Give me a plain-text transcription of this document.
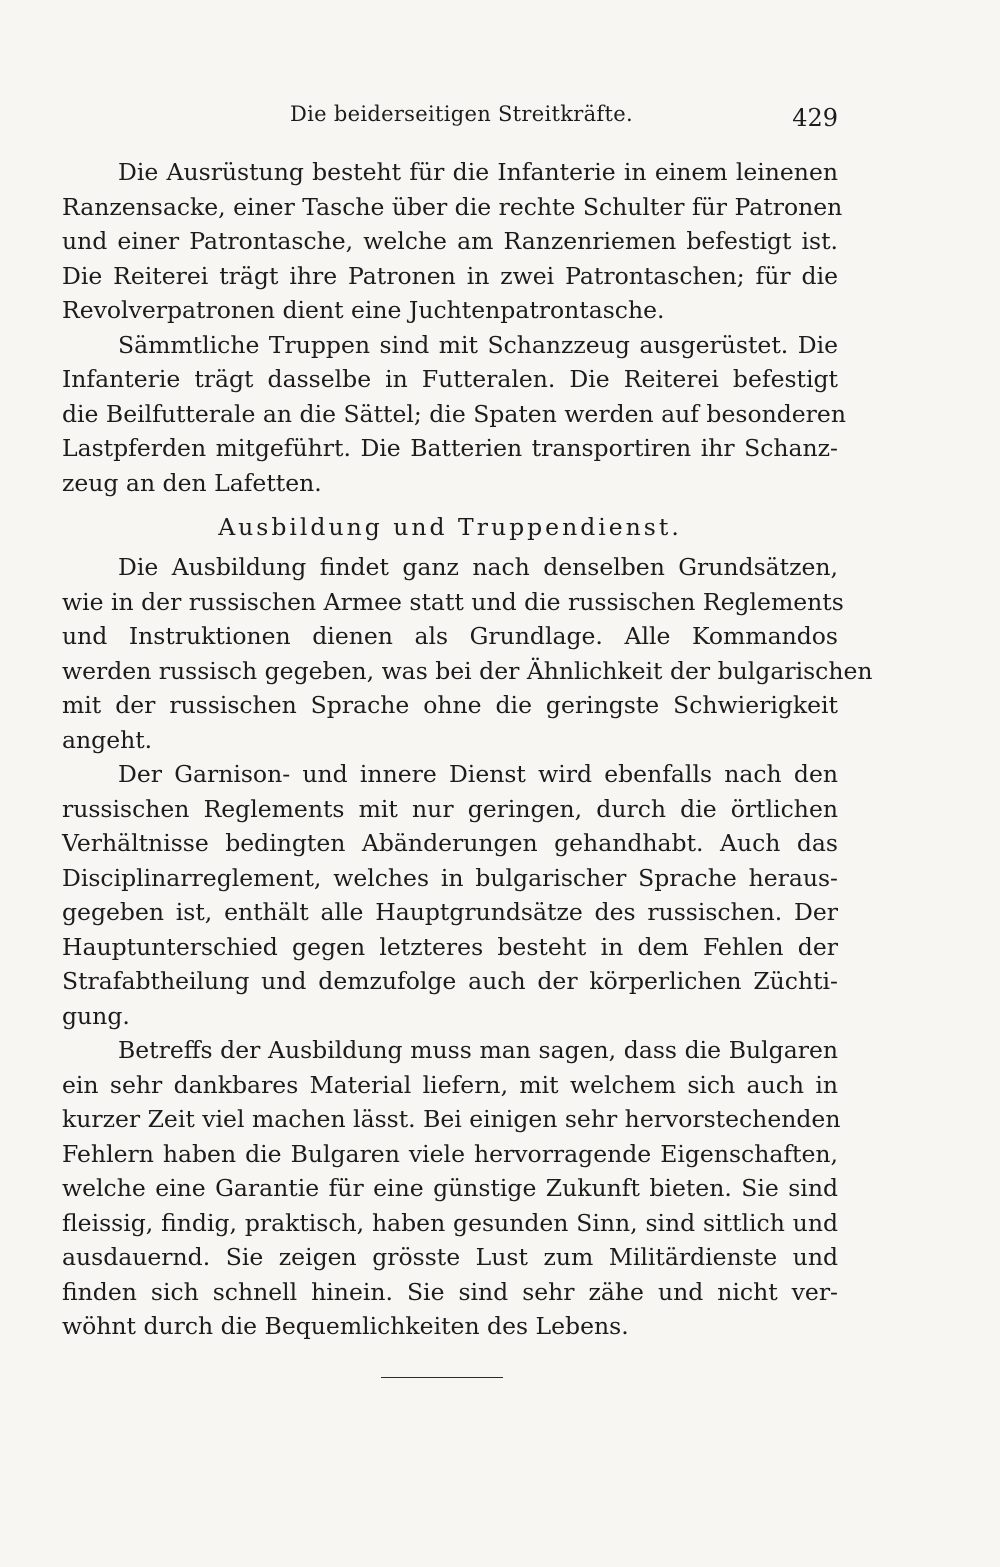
Die beiderseitigen Streitkräfte.	429
Die Ausrüstung besteht für die Infanterie in einem leinenen
Ranzensacke, einer Tasche über die rechte Schulter für Patronen
und einer Patrontasche, welche am Ranzenriemen befestigt ist.
Die Reiterei trägt ihre Patronen in zwei Patrontaschen; für die
Revolverpatronen dient eine Juchtenpatrontasche.
Sämmtliche Truppen sind mit Schanzzeug ausgerüstet. Die
Infanterie trägt dasselbe in Futteralen. Die Reiterei befestigt
die Beilfutterale an die Sättel; die Spaten werden auf besonderen
Lastpferden mitgeführt. Die Batterien transportiren ihr Schanz-
zeug an den Lafetten.
Ausbildung und Truppendienst.
Die Ausbildung findet ganz nach denselben Grundsätzen,
wie in der russischen Armee statt und die russischen Reglements
und Instruktionen dienen als Grundlage. Alle Kommandos
werden russisch gegeben, was bei der Ähnlichkeit der bulgarischen
mit der russischen Sprache ohne die geringste Schwierigkeit
angeht.
Der Garnison- und innere Dienst wird ebenfalls nach den
russischen Reglements mit nur geringen, durch die örtlichen
Verhältnisse bedingten Abänderungen gehandhabt. Auch das
Disciplinarreglement, welches in bulgarischer Sprache heraus-
gegeben ist, enthält alle Hauptgrundsätze des russischen. Der
Hauptunterschied gegen letzteres besteht in dem Fehlen der
Strafabtheilung und demzufolge auch der körperlichen Züchti-
gung.
Betreffs der Ausbildung muss man sagen, dass die Bulgaren
ein sehr dankbares Material liefern, mit welchem sich auch in
kurzer Zeit viel machen lässt. Bei einigen sehr hervorstechenden
Fehlern haben die Bulgaren viele hervorragende Eigenschaften,
welche eine Garantie für eine günstige Zukunft bieten. Sie sind
fleissig, findig, praktisch, haben gesunden Sinn, sind sittlich und
ausdauernd. Sie zeigen grösste Lust zum Militärdienste und
finden sich schnell hinein. Sie sind sehr zähe und nicht ver-
wöhnt durch die Bequemlichkeiten des Lebens.
